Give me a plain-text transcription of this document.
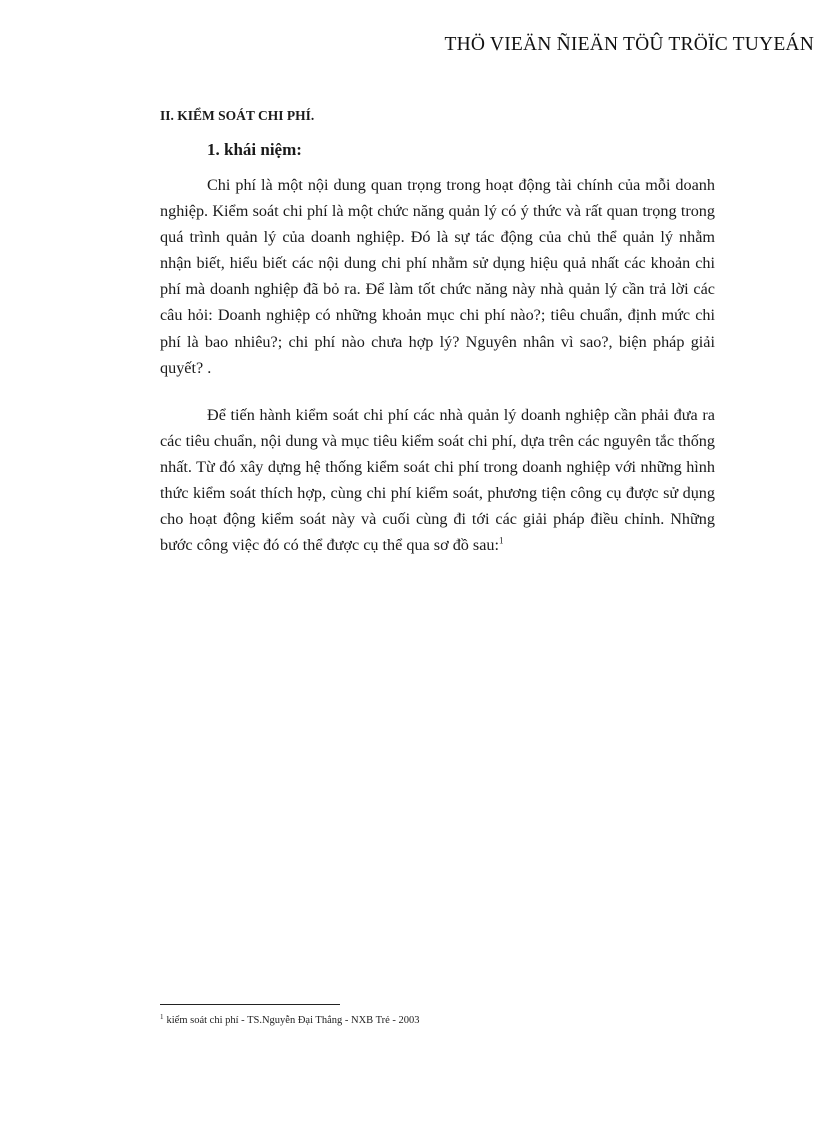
THÖ VIEÄN ÑIEÄN TÖÛ TRÖÏC TUYEÁN
II. KIỂM SOÁT CHI PHÍ.
1. khái niệm:

Chi phí là một nội dung quan trọng trong hoạt động tài chính của mỗi doanh nghiệp. Kiểm soát chi phí là một chức năng quản lý có ý thức và rất quan trọng trong quá trình quản lý của doanh nghiệp. Đó là sự tác động của chủ thể quản lý nhằm nhận biết, hiểu biết các nội dung chi phí nhằm sử dụng hiệu quả nhất các khoản chi phí mà doanh nghiệp đã bỏ ra. Để làm tốt chức năng này nhà quản lý cần trả lời các câu hỏi: Doanh nghiệp có những khoản mục chi phí nào?; tiêu chuẩn, định mức chi phí là bao nhiêu?; chi phí nào chưa hợp lý? Nguyên nhân vì sao?, biện pháp giải quyết? .

Để tiến hành kiểm soát chi phí các nhà quản lý doanh nghiệp cần phải đưa ra các tiêu chuẩn, nội dung và mục tiêu kiểm soát chi phí, dựa trên các nguyên tắc thống nhất. Từ đó xây dựng hệ thống kiểm soát chi phí trong doanh nghiệp với những hình thức kiểm soát thích hợp, cùng chi phí kiểm soát, phương tiện công cụ được sử dụng cho hoạt động kiểm soát này và cuối cùng đi tới các giải pháp điều chỉnh. Những bước công việc đó có thể được cụ thể qua sơ đồ sau:$^1$

$^1$ kiểm soát chi phí - TS.Nguyễn Đại Thắng - NXB Trẻ - 2003
